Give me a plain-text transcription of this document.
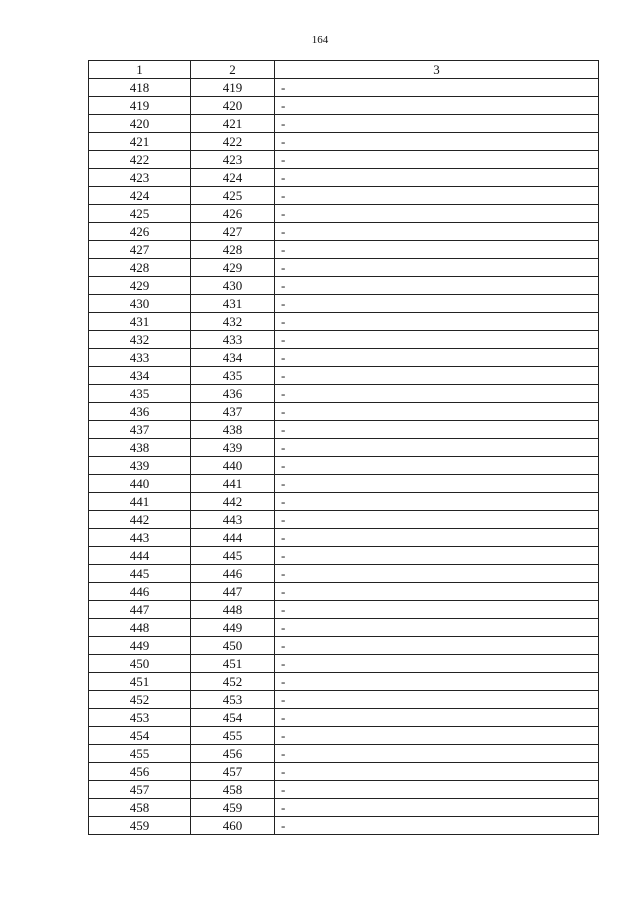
164
1	2	3
418	419	-
419	420	-
420	421	-
421	422	-
422	423	-
423	424	-
424	425	-
425	426	-
426	427	-
427	428	-
428	429	-
429	430	-
430	431	-
431	432	-
432	433	-
433	434	-
434	435	-
435	436	-
436	437	-
437	438	-
438	439	-
439	440	-
440	441	-
441	442	-
442	443	-
443	444	-
444	445	-
445	446	-
446	447	-
447	448	-
448	449	-
449	450	-
450	451	-
451	452	-
452	453	-
453	454	-
454	455	-
455	456	-
456	457	-
457	458	-
458	459	-
459	460	-
